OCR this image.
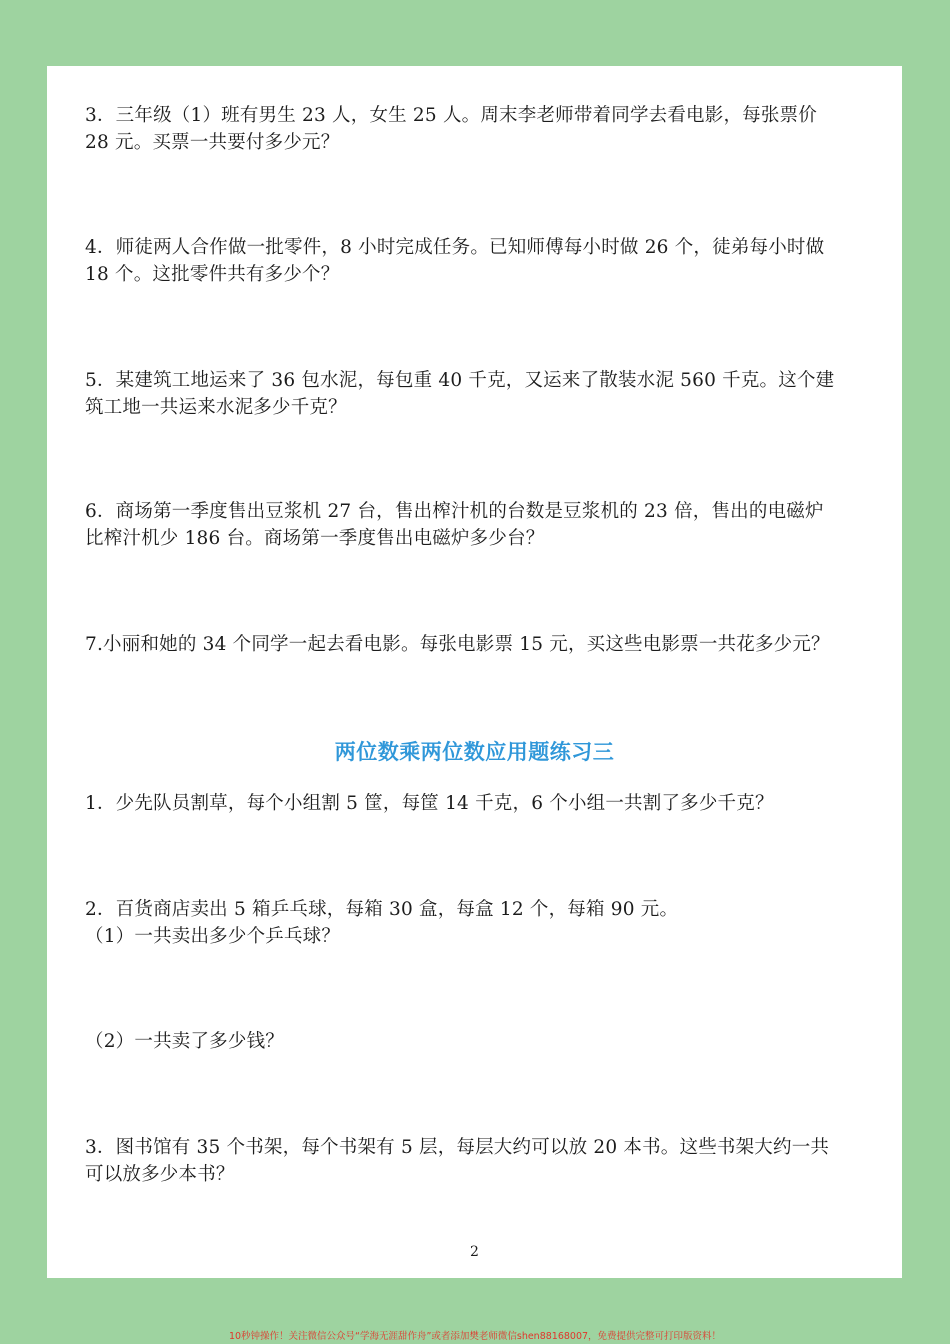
3．三年级（1）班有男生 23 人，女生 25 人。周末李老师带着同学去看电影，每张票价
28 元。买票一共要付多少元？

4．师徒两人合作做一批零件，8 小时完成任务。已知师傅每小时做 26 个，徒弟每小时做
18 个。这批零件共有多少个？

5．某建筑工地运来了 36 包水泥，每包重 40 千克，又运来了散装水泥 560 千克。这个建
筑工地一共运来水泥多少千克？

6．商场第一季度售出豆浆机 27 台，售出榨汁机的台数是豆浆机的 23 倍，售出的电磁炉
比榨汁机少 186 台。商场第一季度售出电磁炉多少台？

7.小丽和她的 34 个同学一起去看电影。每张电影票 15 元，买这些电影票一共花多少元？

两位数乘两位数应用题练习三

1．少先队员割草，每个小组割 5 筐，每筐 14 千克，6 个小组一共割了多少千克？

2．百货商店卖出 5 箱乒乓球，每箱 30 盒，每盒 12 个，每箱 90 元。
（1）一共卖出多少个乒乓球？

（2）一共卖了多少钱？

3．图书馆有 35 个书架，每个书架有 5 层，每层大约可以放 20 本书。这些书架大约一共
可以放多少本书？

2
10秒钟操作！关注微信公众号“学海无涯甜作舟”或者添加樊老师微信shen88168007，免费提供完整可打印版资料！
